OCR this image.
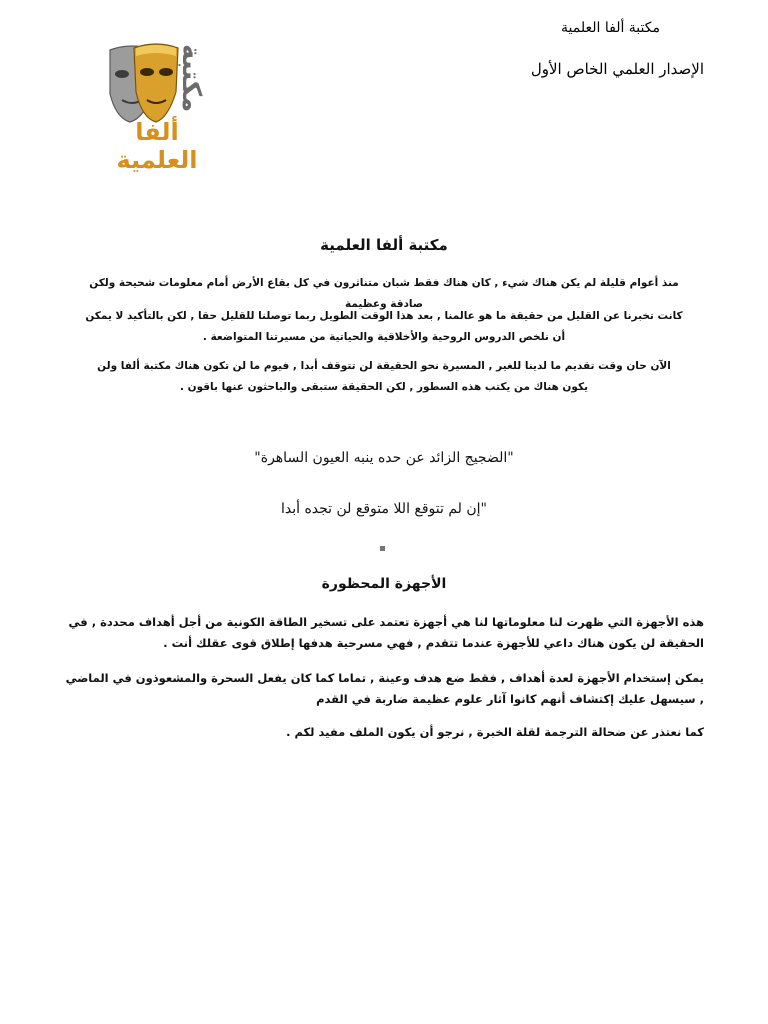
مكتبة ألفا العلمية
الإصدار العلمي الخاص الأول
مكتبة
ألفا العلمية
مكتبة ألفا العلمية
منذ أعوام قليلة لم يكن هناك شيء , كان هناك فقط شبان متناثرون في كل بقاع الأرض أمام معلومات شحيحة ولكن صادقة وعظيمة
كانت تخبرنا عن القليل من حقيقة ما هو عالمنا , بعد هذا الوقت الطويل ربما توصلنا للقليل حقا , لكن بالتأكيد لا يمكن أن نلخص الدروس الروحية والأخلاقية والحياتية من مسيرتنا المتواضعة .
الآن حان وقت تقديم ما لدينا للغير , المسيرة نحو الحقيقة لن تتوقف أبدا , فيوم ما لن تكون هناك مكتبة ألفا ولن يكون هناك من يكتب هذه السطور , لكن الحقيقة ستبقى والباحثون عنها باقون .
"الضجيج الزائد عن حده ينبه العيون الساهرة"
"إن لم تتوقع اللا متوقع لن تجده أبدا
الأجهزة المحظورة
هذه الأجهزة التي ظهرت لنا معلوماتها لنا هي أجهزة تعتمد على تسخير الطاقة الكونية من أجل أهداف محددة , في الحقيقة لن يكون هناك داعي للأجهزة عندما تتقدم , فهي مسرحية هدفها إطلاق قوى عقلك أنت .
يمكن إستخدام الأجهزة لعدة أهداف , فقط ضع هدف وعينة , تماما كما كان يفعل السحرة والمشعوذون في الماضي , سيسهل عليك إكتشاف أنهم كانوا آثار علوم عظيمة ضاربة في القدم
كما نعتذر عن ضحالة الترجمة لقلة الخبرة , نرجو أن يكون الملف مفيد لكم .
